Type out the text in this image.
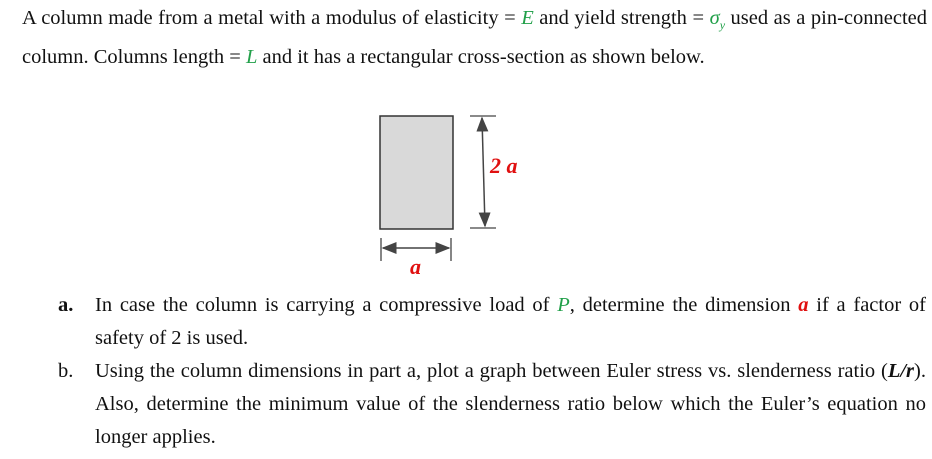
A column made from a metal with a modulus of elasticity = E and yield strength = $\sigma_y$ used as a pin-connected column. Columns length = L and it has a rectangular cross-section as shown below.
2 a
a
a.	In case the column is carrying a compressive load of P, determine the dimension a if a factor of safety of 2 is used.
b.	Using the column dimensions in part a, plot a graph between Euler stress vs. slenderness ratio (L/r). Also, determine the minimum value of the slenderness ratio below which the Euler’s equation no longer applies.
